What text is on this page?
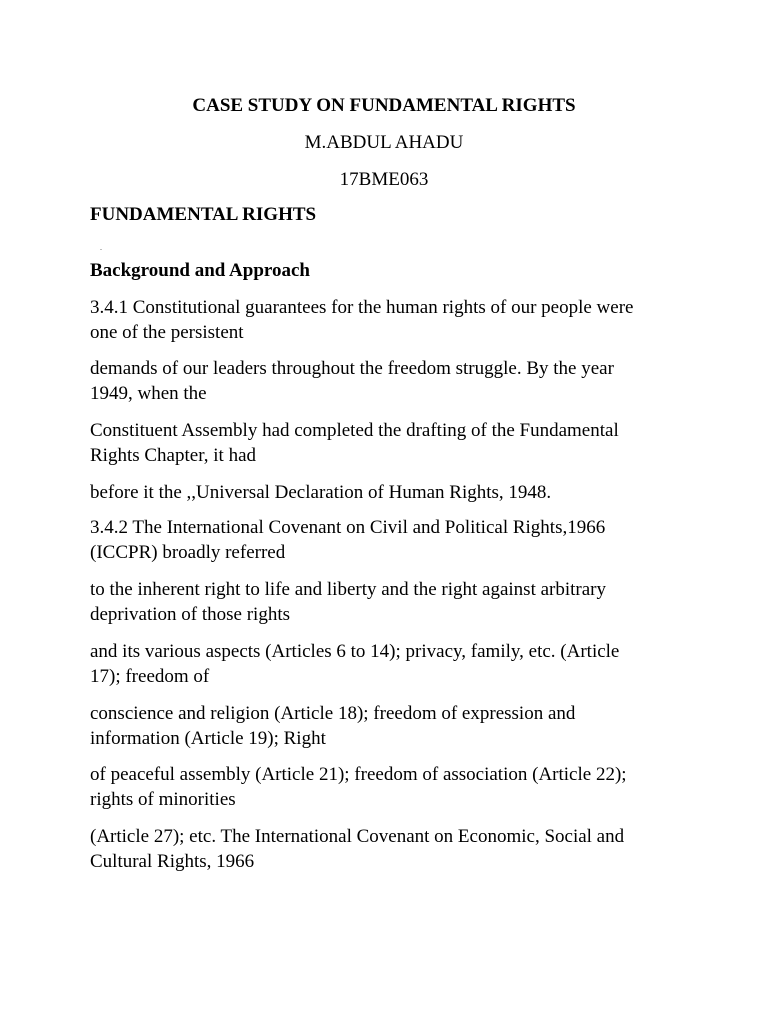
CASE STUDY ON FUNDAMENTAL RIGHTS
M.ABDUL AHADU
17BME063
FUNDAMENTAL RIGHTS
.
Background and Approach

3.4.1 Constitutional guarantees for the human rights of our people were
one of the persistent

demands of our leaders throughout the freedom struggle. By the year
1949, when the

Constituent Assembly had completed the drafting of the Fundamental
Rights Chapter, it had

before it the ,,Universal Declaration of Human Rights, 1948.

3.4.2 The International Covenant on Civil and Political Rights,1966
(ICCPR) broadly referred

to the inherent right to life and liberty and the right against arbitrary
deprivation of those rights

and its various aspects (Articles 6 to 14); privacy, family, etc. (Article
17); freedom of

conscience and religion (Article 18); freedom of expression and
information (Article 19); Right

of peaceful assembly (Article 21); freedom of association (Article 22);
rights of minorities

(Article 27); etc. The International Covenant on Economic, Social and
Cultural Rights, 1966
